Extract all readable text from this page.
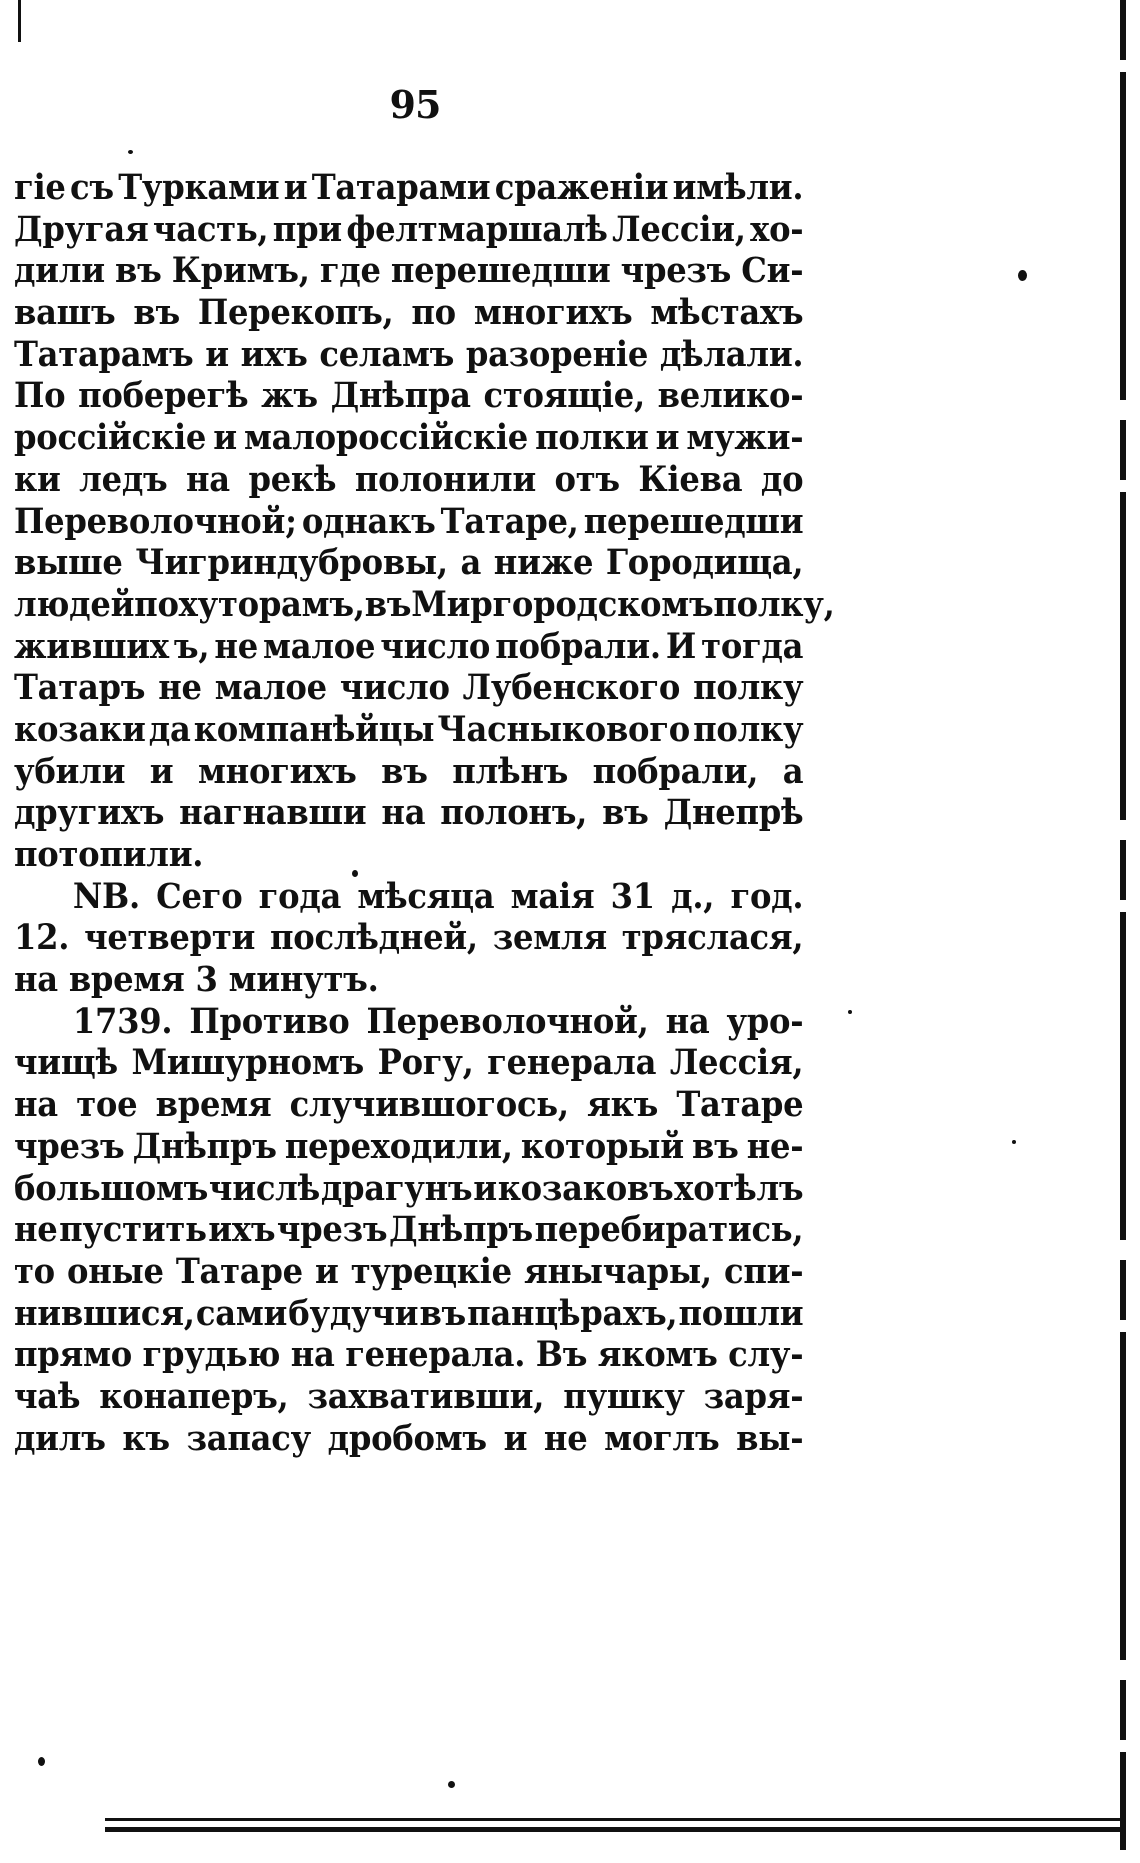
95
гіе съ Турками и Татарами сраженіи имѣли.
Другая часть, при фелтмаршалѣ Лессіи, хо-
дили въ Кримъ, где перешедши чрезъ Си-
вашъ въ Перекопъ, по многихъ мѣстахъ
Татарамъ и ихъ селамъ разореніе дѣлали.
По поберегѣ жъ Днѣпра стоящіе, велико-
россійскіе и малороссійскіе полки и мужи-
ки ледъ на рекѣ полонили отъ Кіева до
Переволочной; однакъ Татаре, перешедши
выше Чигриндубровы, а ниже Городища,
людей по хуторамъ, въ Миргородскомъ полку,
живших ъ, не малое число побрали. И тогда
Татаръ не малое число Лубенского полку
козаки да компанѣйцы Часныкового полку
убили и многихъ въ плѣнъ побрали, а
другихъ нагнавши на полонъ, въ Днепрѣ
потопили.
NB. Сего года мѣсяца маія 31 д., год.
12. четверти послѣдней, земля тряслася,
на время 3 минутъ.
1739. Противо Переволочной, на уро-
чищѣ Мишурномъ Рогу, генерала Лессія,
на тое время случившогось, якъ Татаре
чрезъ Днѣпръ переходили, который въ не-
большомъ числѣ драгунъ и козаковъ хотѣлъ
не пустить ихъ чрезъ Днѣпръ перебиратись,
то оные Татаре и турецкіе янычары, спи-
нившися, сами будучи въ панцѣрахъ, пошли
прямо грудью на генерала. Въ якомъ слу-
чаѣ конаперъ, захвативши, пушку заря-
дилъ къ запасу дробомъ и не моглъ вы-
